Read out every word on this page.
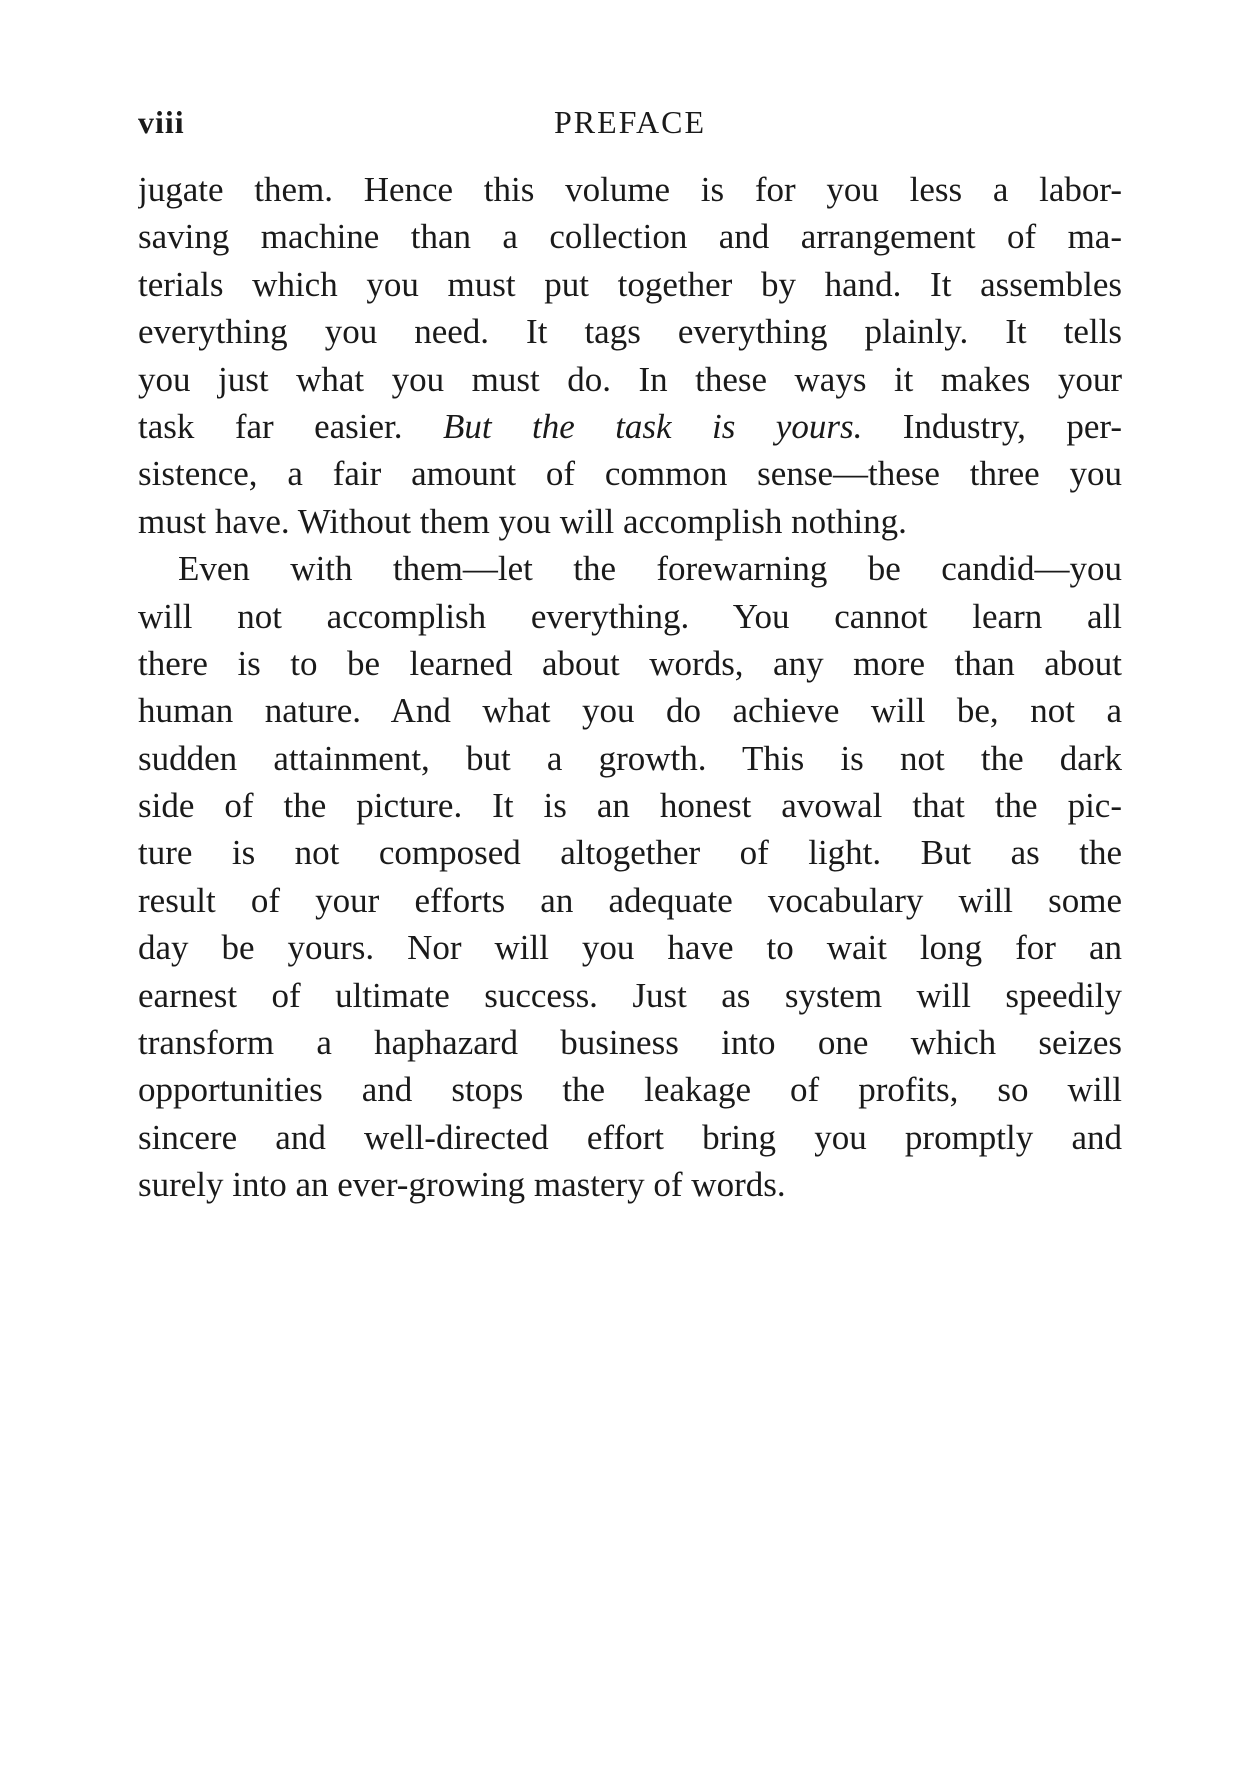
viii	PREFACE
jugate them. Hence this volume is for you less a labor-
saving machine than a collection and arrangement of ma-
terials which you must put together by hand. It assembles
everything you need. It tags everything plainly. It tells
you just what you must do. In these ways it makes your
task far easier. But the task is yours. Industry, per-
sistence, a fair amount of common sense—these three you
must have. Without them you will accomplish nothing.
Even with them—let the forewarning be candid—you
will not accomplish everything. You cannot learn all
there is to be learned about words, any more than about
human nature. And what you do achieve will be, not a
sudden attainment, but a growth. This is not the dark
side of the picture. It is an honest avowal that the pic-
ture is not composed altogether of light. But as the
result of your efforts an adequate vocabulary will some
day be yours. Nor will you have to wait long for an
earnest of ultimate success. Just as system will speedily
transform a haphazard business into one which seizes
opportunities and stops the leakage of profits, so will
sincere and well-directed effort bring you promptly and
surely into an ever-growing mastery of words.
